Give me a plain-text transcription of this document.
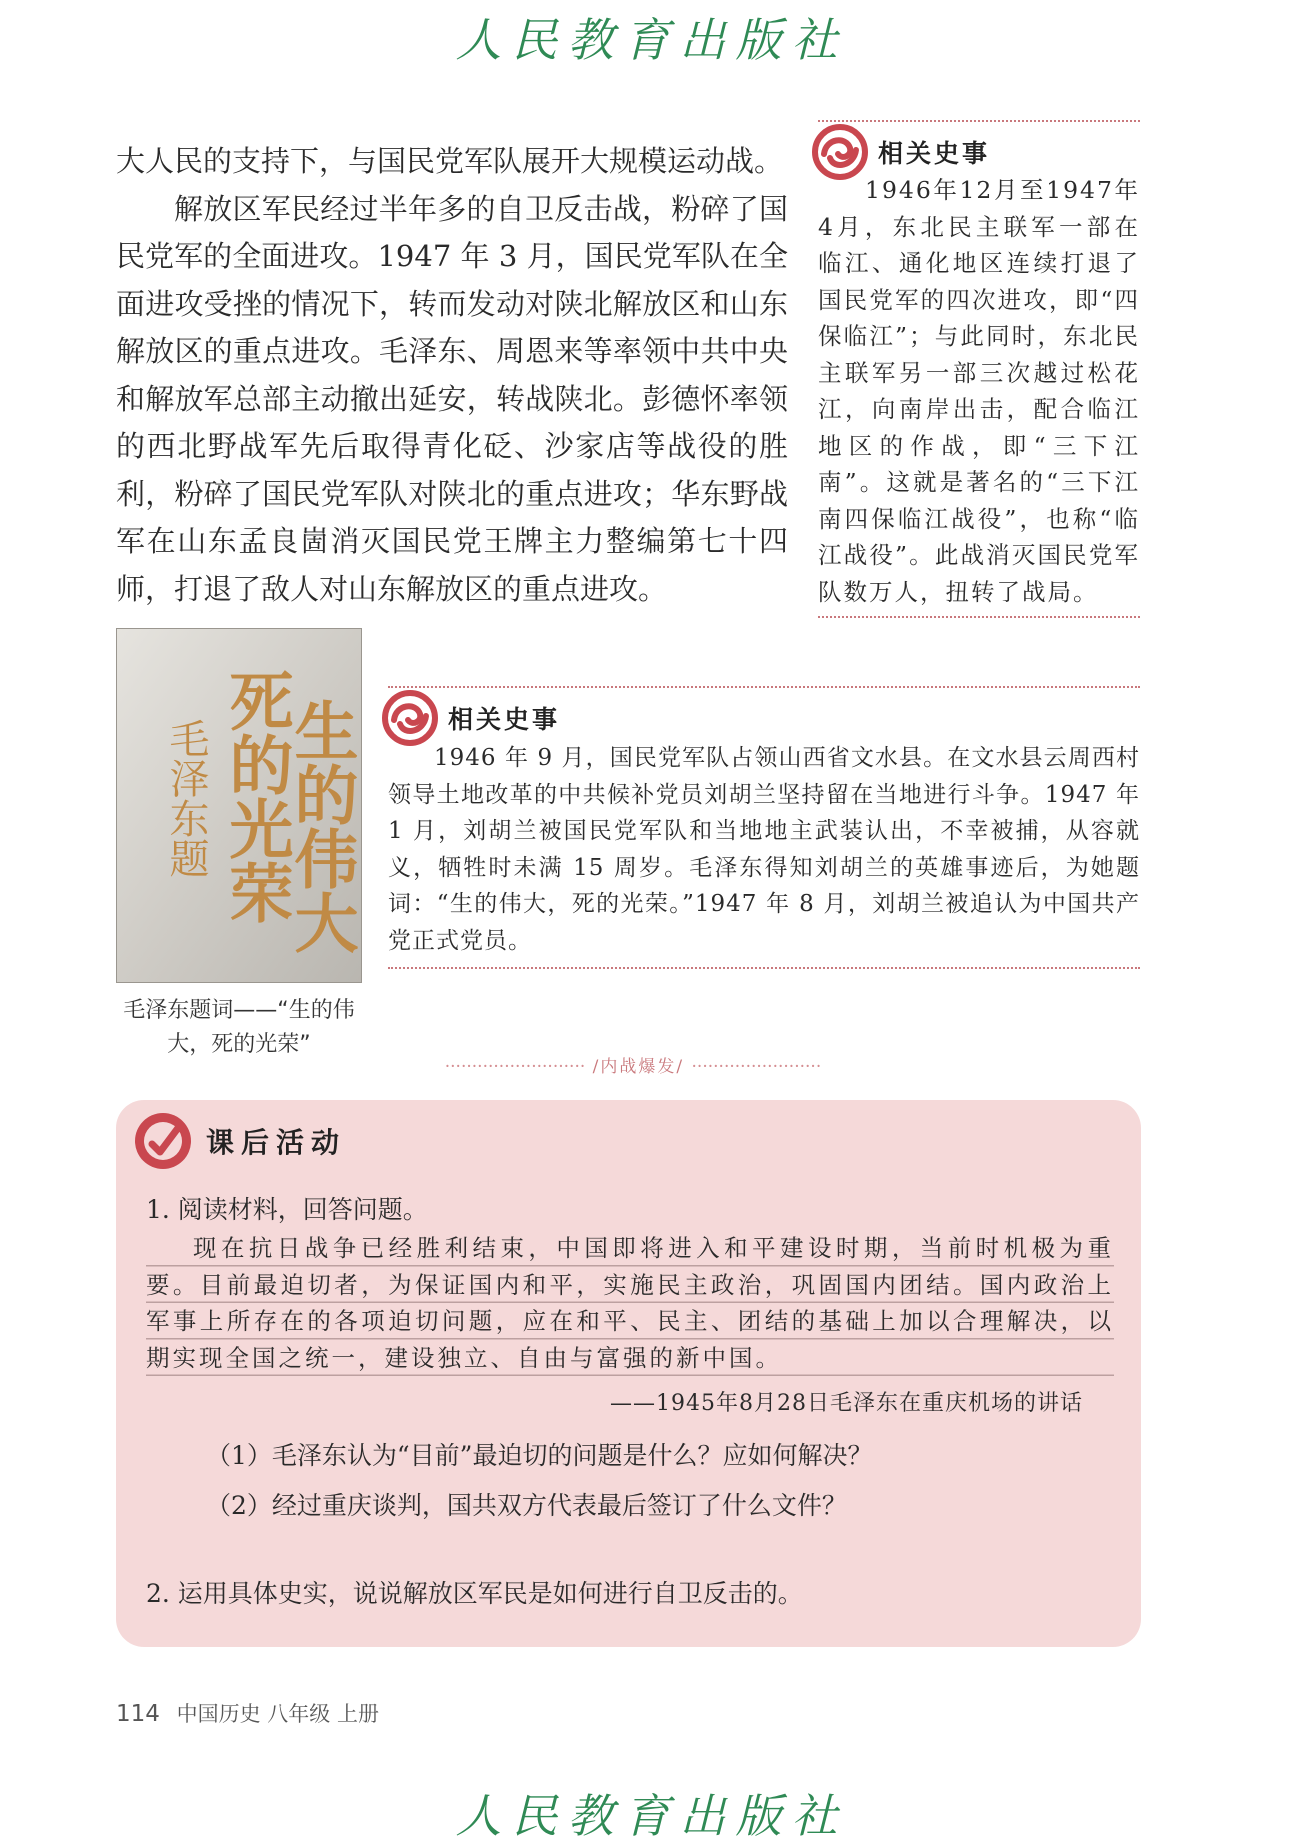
人民教育出版社

大人民的支持下，与国民党军队展开大规模运动战。

解放区军民经过半年多的自卫反击战，粉碎了国民党军的全面进攻。1947 年 3 月，国民党军队在全面进攻受挫的情况下，转而发动对陕北解放区和山东解放区的重点进攻。毛泽东、周恩来等率领中共中央和解放军总部主动撤出延安，转战陕北。彭德怀率领的西北野战军先后取得青化砭、沙家店等战役的胜利，粉碎了国民党军队对陕北的重点进攻；华东野战军在山东孟良崮消灭国民党王牌主力整编第七十四师，打退了敌人对山东解放区的重点进攻。

相关史事
1946年12月至1947年4月，东北民主联军一部在临江、通化地区连续打退了国民党军的四次进攻，即“四保临江”；与此同时，东北民主联军另一部三次越过松花江，向南岸出击，配合临江地区的作战，即“三下江南”。这就是著名的“三下江南四保临江战役”，也称“临江战役”。此战消灭国民党军队数万人，扭转了战局。
生的伟大
死的光荣
毛泽东题
毛泽东题词——“生的伟大，死的光荣”
相关史事
1946 年 9 月，国民党军队占领山西省文水县。在文水县云周西村领导土地改革的中共候补党员刘胡兰坚持留在当地进行斗争。1947 年 1 月，刘胡兰被国民党军队和当地地主武装认出，不幸被捕，从容就义，牺牲时未满 15 周岁。毛泽东得知刘胡兰的英雄事迹后，为她题词：“生的伟大，死的光荣。”1947 年 8 月，刘胡兰被追认为中国共产党正式党员。
·························· /内战爆发/ ························
课后活动
1. 阅读材料，回答问题。
现在抗日战争已经胜利结束，中国即将进入和平建设时期，当前时机极为重要。目前最迫切者，为保证国内和平，实施民主政治，巩固国内团结。国内政治上军事上所存在的各项迫切问题，应在和平、民主、团结的基础上加以合理解决，以期实现全国之统一，建设独立、自由与富强的新中国。
——1945年8月28日毛泽东在重庆机场的讲话
（1）毛泽东认为“目前”最迫切的问题是什么？应如何解决？
（2）经过重庆谈判，国共双方代表最后签订了什么文件？
2. 运用具体史实，说说解放区军民是如何进行自卫反击的。
114 中国历史 八年级 上册
人民教育出版社
